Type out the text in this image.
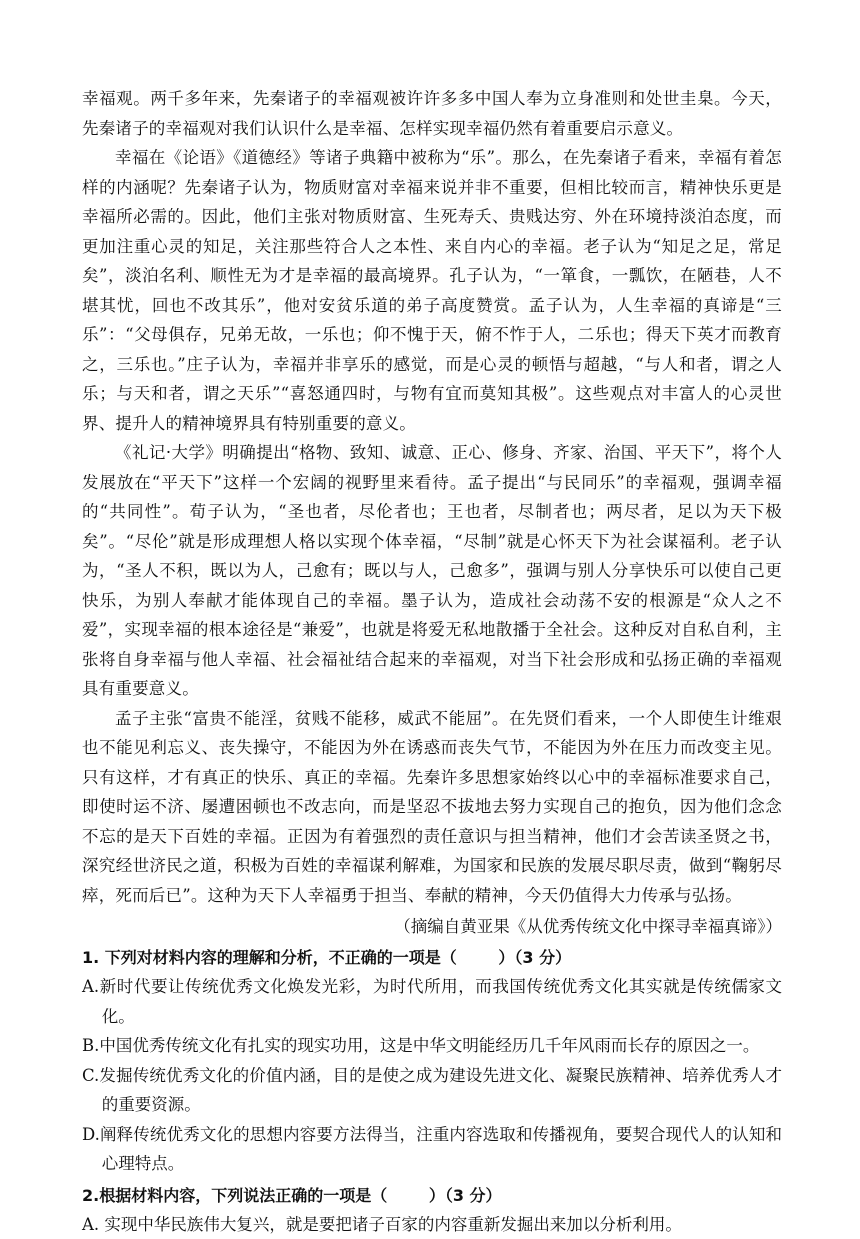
幸福观。两千多年来，先秦诸子的幸福观被许许多多中国人奉为立身准则和处世圭臬。今天，先秦诸子的幸福观对我们认识什么是幸福、怎样实现幸福仍然有着重要启示意义。

幸福在《论语》《道德经》等诸子典籍中被称为“乐”。那么，在先秦诸子看来，幸福有着怎样的内涵呢？先秦诸子认为，物质财富对幸福来说并非不重要，但相比较而言，精神快乐更是幸福所必需的。因此，他们主张对物质财富、生死寿夭、贵贱达穷、外在环境持淡泊态度，而更加注重心灵的知足，关注那些符合人之本性、来自内心的幸福。老子认为“知足之足，常足矣”，淡泊名利、顺性无为才是幸福的最高境界。孔子认为，“一箪食，一瓢饮，在陋巷，人不堪其忧，回也不改其乐”，他对安贫乐道的弟子高度赞赏。孟子认为，人生幸福的真谛是“三乐”：“父母俱存，兄弟无故，一乐也；仰不愧于天，俯不怍于人，二乐也；得天下英才而教育之，三乐也。”庄子认为，幸福并非享乐的感觉，而是心灵的顿悟与超越，“与人和者，谓之人乐；与天和者，谓之天乐”“喜怒通四时，与物有宜而莫知其极”。这些观点对丰富人的心灵世界、提升人的精神境界具有特别重要的意义。

《礼记·大学》明确提出“格物、致知、诚意、正心、修身、齐家、治国、平天下”，将个人发展放在“平天下”这样一个宏阔的视野里来看待。孟子提出“与民同乐”的幸福观，强调幸福的“共同性”。荀子认为，“圣也者，尽伦者也；王也者，尽制者也；两尽者，足以为天下极矣”。“尽伦”就是形成理想人格以实现个体幸福，“尽制”就是心怀天下为社会谋福利。老子认为，“圣人不积，既以为人，己愈有；既以与人，己愈多”，强调与别人分享快乐可以使自己更快乐，为别人奉献才能体现自己的幸福。墨子认为，造成社会动荡不安的根源是“众人之不爱”，实现幸福的根本途径是“兼爱”，也就是将爱无私地散播于全社会。这种反对自私自利，主张将自身幸福与他人幸福、社会福祉结合起来的幸福观，对当下社会形成和弘扬正确的幸福观具有重要意义。

孟子主张“富贵不能淫，贫贱不能移，威武不能屈”。在先贤们看来，一个人即使生计维艰也不能见利忘义、丧失操守，不能因为外在诱惑而丧失气节，不能因为外在压力而改变主见。只有这样，才有真正的快乐、真正的幸福。先秦许多思想家始终以心中的幸福标准要求自己，即使时运不济、屡遭困顿也不改志向，而是坚忍不拔地去努力实现自己的抱负，因为他们念念不忘的是天下百姓的幸福。正因为有着强烈的责任意识与担当精神，他们才会苦读圣贤之书，深究经世济民之道，积极为百姓的幸福谋利解难，为国家和民族的发展尽职尽责，做到“鞠躬尽瘁，死而后已”。这种为天下人幸福勇于担当、奉献的精神，今天仍值得大力传承与弘扬。

（摘编自黄亚果《从优秀传统文化中探寻幸福真谛》）

1. 下列对材料内容的理解和分析，不正确的一项是（	）（3 分）

A.新时代要让传统优秀文化焕发光彩，为时代所用，而我国传统优秀文化其实就是传统儒家文化。

B.中国优秀传统文化有扎实的现实功用，这是中华文明能经历几千年风雨而长存的原因之一。

C.发掘传统优秀文化的价值内涵，目的是使之成为建设先进文化、凝聚民族精神、培养优秀人才的重要资源。

D.阐释传统优秀文化的思想内容要方法得当，注重内容选取和传播视角，要契合现代人的认知和心理特点。

2.根据材料内容，下列说法正确的一项是（	）（3 分）

A. 实现中华民族伟大复兴，就是要把诸子百家的内容重新发掘出来加以分析利用。
